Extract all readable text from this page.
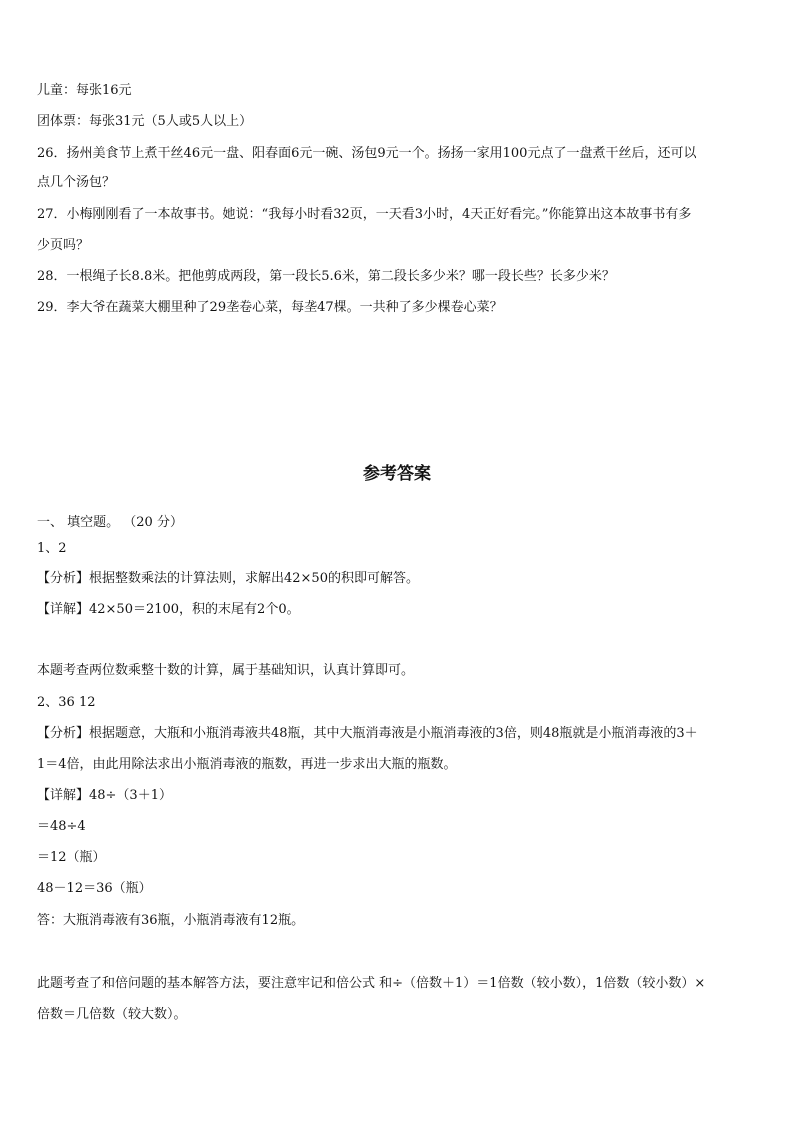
儿童：每张16元
团体票：每张31元（5人或5人以上）
26．扬州美食节上煮干丝46元一盘、阳春面6元一碗、汤包9元一个。扬扬一家用100元点了一盘煮干丝后，还可以
点几个汤包？
27．小梅刚刚看了一本故事书。她说：“我每小时看32页，一天看3小时，4天正好看完。”你能算出这本故事书有多
少页吗？
28．一根绳子长8.8米。把他剪成两段，第一段长5.6米，第二段长多少米？哪一段长些？长多少米？
29．李大爷在蔬菜大棚里种了29垄卷心菜，每垄47棵。一共种了多少棵卷心菜？
参考答案
一、 填空题。 （20 分）
1、2
【分析】根据整数乘法的计算法则，求解出42×50的积即可解答。
【详解】42×50＝2100，积的末尾有2个0。
本题考查两位数乘整十数的计算，属于基础知识，认真计算即可。
2、36 12
【分析】根据题意，大瓶和小瓶消毒液共48瓶，其中大瓶消毒液是小瓶消毒液的3倍，则48瓶就是小瓶消毒液的3＋
1＝4倍，由此用除法求出小瓶消毒液的瓶数，再进一步求出大瓶的瓶数。
【详解】48÷（3＋1）
＝48÷4
＝12（瓶）
48－12＝36（瓶）
答：大瓶消毒液有36瓶，小瓶消毒液有12瓶。
此题考查了和倍问题的基本解答方法，要注意牢记和倍公式 和÷（倍数＋1）＝1倍数（较小数），1倍数（较小数）×
倍数＝几倍数（较大数）。
